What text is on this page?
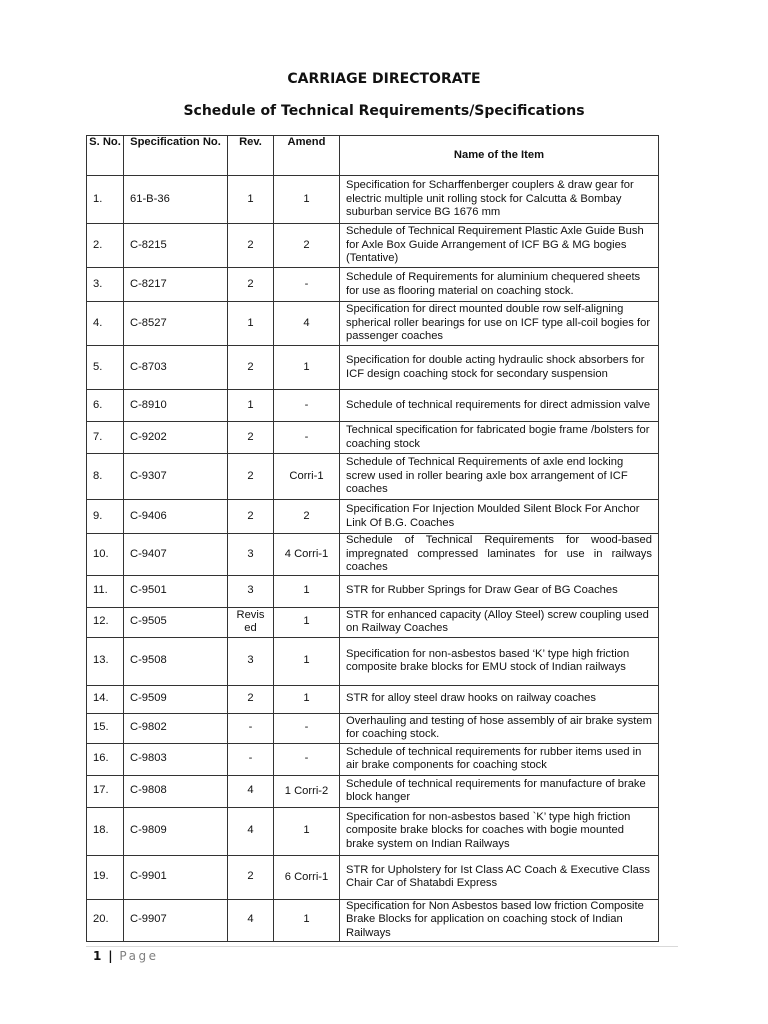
CARRIAGE DIRECTORATE
Schedule of Technical Requirements/Specifications
S. No.	Specification No.	Rev.	Amend	Name of the Item
1.	61-B-36	1	1	Specification for Scharffenberger couplers & draw gear for electric multiple unit rolling stock for Calcutta & Bombay suburban service BG 1676 mm
2.	C-8215	2	2	Schedule of Technical Requirement Plastic Axle Guide Bush for Axle Box Guide Arrangement of ICF BG & MG bogies (Tentative)
3.	C-8217	2	-	Schedule of Requirements for aluminium chequered sheets for use as flooring material on coaching stock.
4.	C-8527	1	4	Specification for direct mounted double row self-aligning spherical roller bearings for use on ICF type all-coil bogies for passenger coaches
5.	C-8703	2	1	Specification for double acting hydraulic shock absorbers for ICF design coaching stock for secondary suspension
6.	C-8910	1	-	Schedule of technical requirements for direct admission valve
7.	C-9202	2	-	Technical specification for fabricated bogie frame /bolsters for coaching stock
8.	C-9307	2	Corri-1	Schedule of Technical Requirements of axle end locking screw used in roller bearing axle box arrangement of ICF coaches
9.	C-9406	2	2	Specification For Injection Moulded Silent Block For Anchor Link Of B.G. Coaches
10.	C-9407	3	4 Corri-1	Schedule of Technical Requirements for wood-based impregnated compressed laminates for use in railways coaches
11.	C-9501	3	1	STR for Rubber Springs for Draw Gear of BG Coaches
12.	C-9505	Revis ed	1	STR for enhanced capacity (Alloy Steel) screw coupling used on Railway Coaches
13.	C-9508	3	1	Specification for non-asbestos based ‘K’ type high friction composite brake blocks for EMU stock of Indian railways
14.	C-9509	2	1	STR for alloy steel draw hooks on railway coaches
15.	C-9802	-	-	Overhauling and testing of hose assembly of air brake system for coaching stock.
16.	C-9803	-	-	Schedule of technical requirements for rubber items used in air brake components for coaching stock
17.	C-9808	4	1 Corri-2	Schedule of technical requirements for manufacture of brake block hanger
18.	C-9809	4	1	Specification for non-asbestos based `K’ type high friction composite brake blocks for coaches with bogie mounted brake system on Indian Railways
19.	C-9901	2	6 Corri-1	STR for Upholstery for Ist Class AC Coach & Executive Class Chair Car of Shatabdi Express
20.	C-9907	4	1	Specification for Non Asbestos based low friction Composite Brake Blocks for application on coaching stock of Indian Railways
1 | Page
